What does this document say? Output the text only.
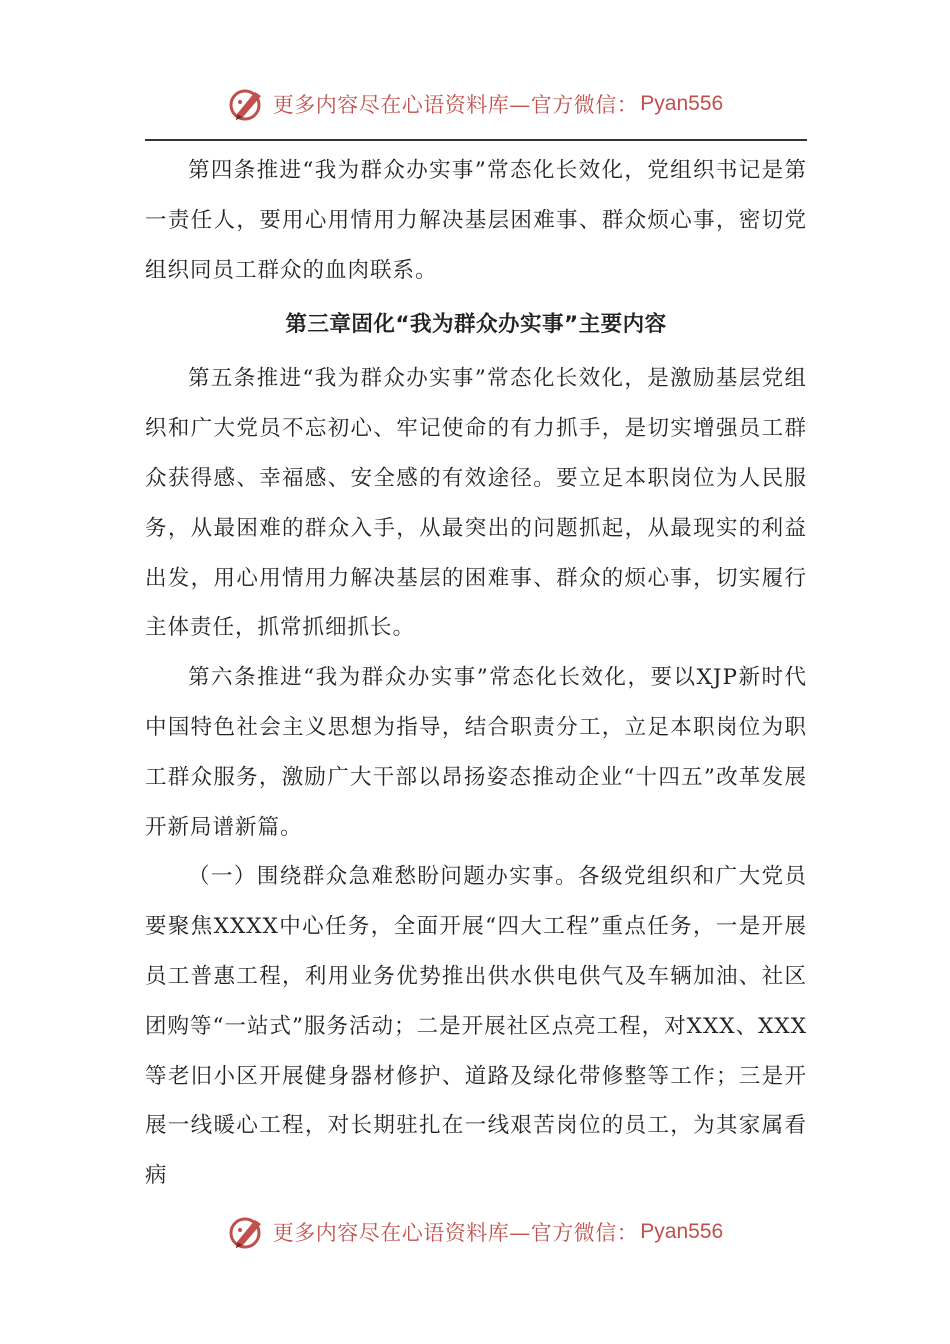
更多内容尽在心语资料库—官方微信： Pyan556

第四条推进“我为群众办实事”常态化长效化，党组织书记是第一责任人，要用心用情用力解决基层困难事、群众烦心事，密切党组织同员工群众的血肉联系。

第三章固化“我为群众办实事”主要内容

第五条推进“我为群众办实事”常态化长效化，是激励基层党组织和广大党员不忘初心、牢记使命的有力抓手，是切实增强员工群众获得感、幸福感、安全感的有效途径。要立足本职岗位为人民服务，从最困难的群众入手，从最突出的问题抓起，从最现实的利益出发，用心用情用力解决基层的困难事、群众的烦心事，切实履行主体责任，抓常抓细抓长。

第六条推进“我为群众办实事”常态化长效化，要以XJP新时代中国特色社会主义思想为指导，结合职责分工，立足本职岗位为职工群众服务，激励广大干部以昂扬姿态推动企业“十四五”改革发展开新局谱新篇。

（一）围绕群众急难愁盼问题办实事。各级党组织和广大党员要聚焦XXXX中心任务，全面开展“四大工程”重点任务，一是开展员工普惠工程，利用业务优势推出供水供电供气及车辆加油、社区团购等“一站式”服务活动；二是开展社区点亮工程，对XXX、XXX等老旧小区开展健身器材修护、道路及绿化带修整等工作；三是开展一线暖心工程，对长期驻扎在一线艰苦岗位的员工，为其家属看病

更多内容尽在心语资料库—官方微信： Pyan556
